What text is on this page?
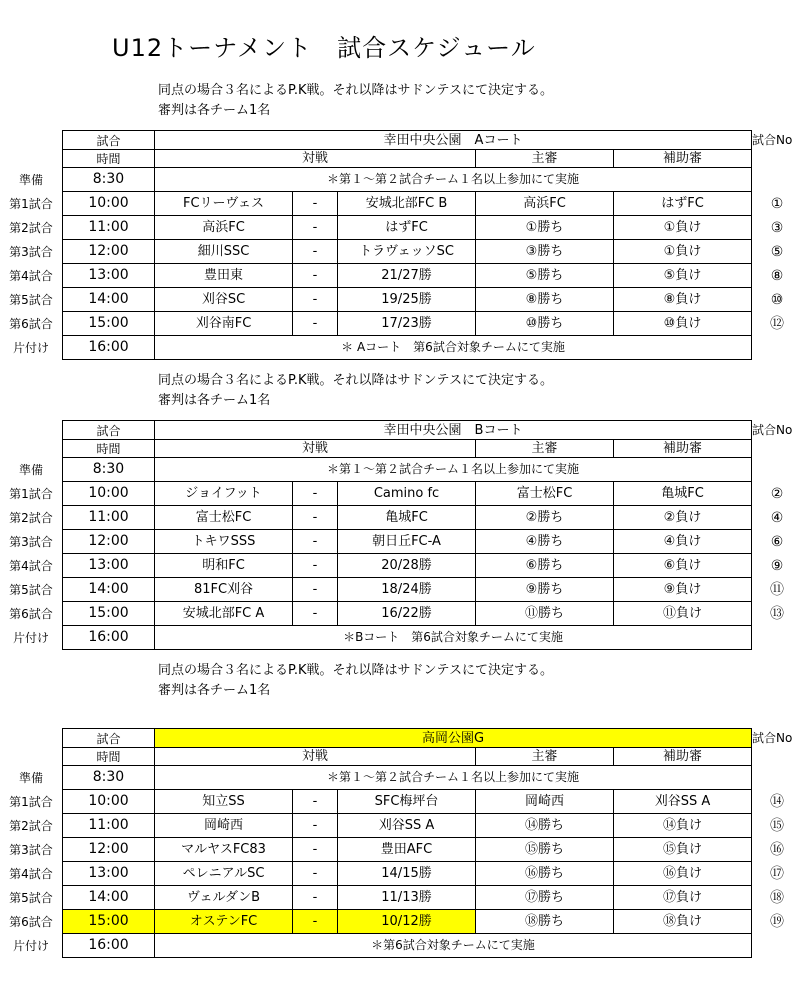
U12トーナメント　試合スケジュール
同点の場合３名によるP.K戦。それ以降はサドンテスにて決定する。
審判は各チーム1名
試合	幸田中央公園　Aコート	試合No
時間	対戦	主審	補助審
準備	8:30	＊第１～第２試合チーム１名以上参加にて実施
第1試合	10:00	FCリーヴェス	-	安城北部FC B	高浜FC	はずFC	①
第2試合	11:00	高浜FC	-	はずFC	①勝ち	①負け	③
第3試合	12:00	細川SSC	-	トラヴェッソSC	③勝ち	①負け	⑤
第4試合	13:00	豊田東	-	21/27勝	⑤勝ち	⑤負け	⑧
第5試合	14:00	刈谷SC	-	19/25勝	⑧勝ち	⑧負け	⑩
第6試合	15:00	刈谷南FC	-	17/23勝	⑩勝ち	⑩負け	⑫
片付け	16:00	＊ Aコート　第6試合対象チームにて実施
同点の場合３名によるP.K戦。それ以降はサドンテスにて決定する。
審判は各チーム1名
試合	幸田中央公園　Bコート	試合No
時間	対戦	主審	補助審
準備	8:30	＊第１～第２試合チーム１名以上参加にて実施
第1試合	10:00	ジョイフット	-	Camino fc	富士松FC	亀城FC	②
第2試合	11:00	富士松FC	-	亀城FC	②勝ち	②負け	④
第3試合	12:00	トキワSSS	-	朝日丘FC-A	④勝ち	④負け	⑥
第4試合	13:00	明和FC	-	20/28勝	⑥勝ち	⑥負け	⑨
第5試合	14:00	81FC刈谷	-	18/24勝	⑨勝ち	⑨負け	⑪
第6試合	15:00	安城北部FC A	-	16/22勝	⑪勝ち	⑪負け	⑬
片付け	16:00	＊Bコート　第6試合対象チームにて実施
同点の場合３名によるP.K戦。それ以降はサドンテスにて決定する。
審判は各チーム1名
試合	高岡公園G	試合No
時間	対戦	主審	補助審
準備	8:30	＊第１～第２試合チーム１名以上参加にて実施
第1試合	10:00	知立SS	-	SFC梅坪台	岡崎西	刈谷SS A	⑭
第2試合	11:00	岡崎西	-	刈谷SS A	⑭勝ち	⑭負け	⑮
第3試合	12:00	マルヤスFC83	-	豊田AFC	⑮勝ち	⑮負け	⑯
第4試合	13:00	ペレニアルSC	-	14/15勝	⑯勝ち	⑯負け	⑰
第5試合	14:00	ヴェルダンB	-	11/13勝	⑰勝ち	⑰負け	⑱
第6試合	15:00	オステンFC	-	10/12勝	⑱勝ち	⑱負け	⑲
片付け	16:00	＊第6試合対象チームにて実施
